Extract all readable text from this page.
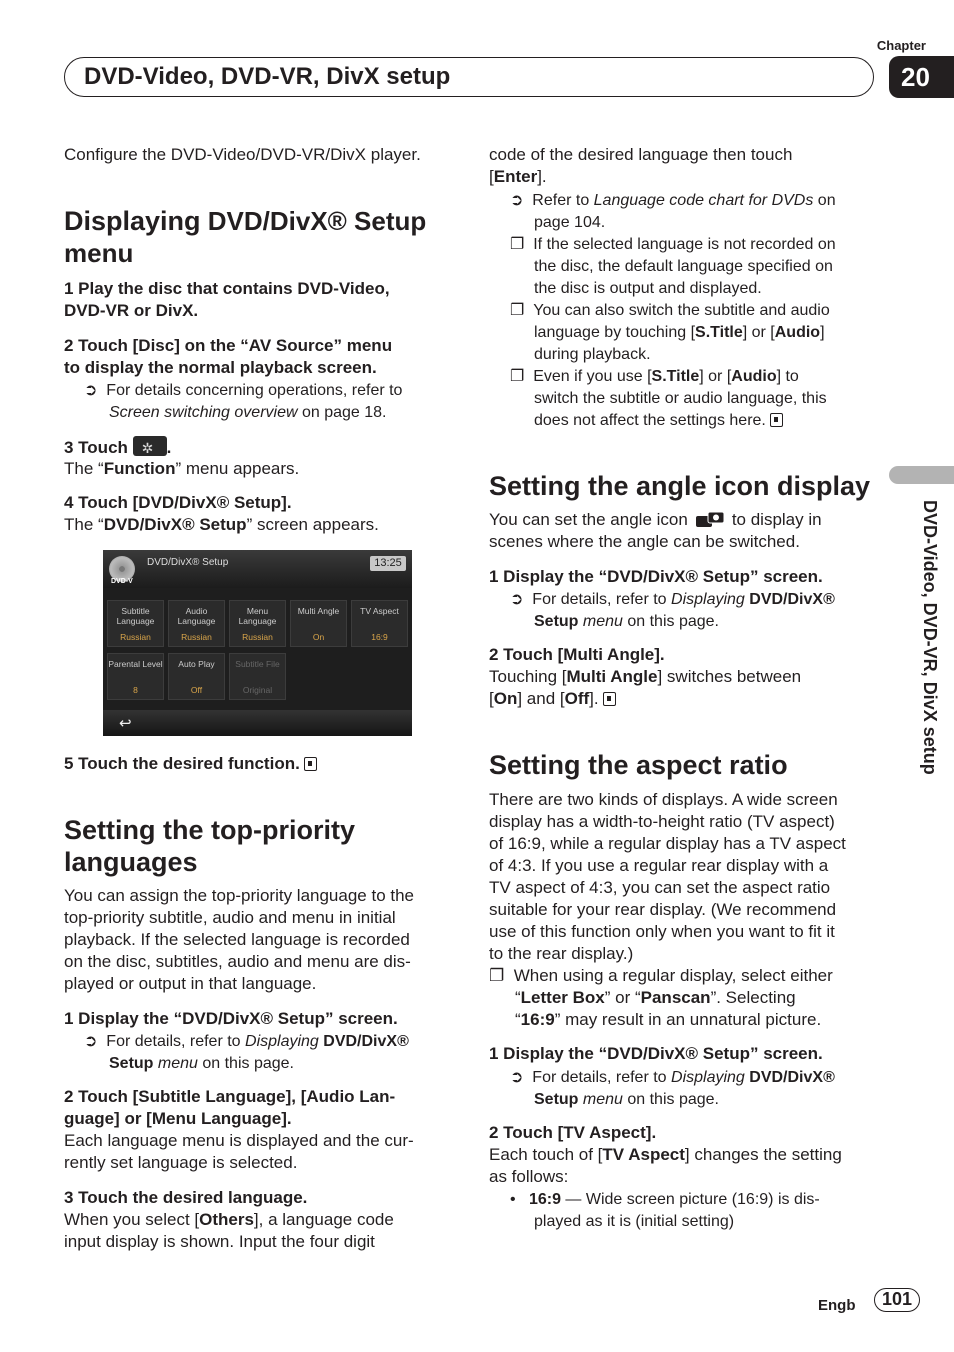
Chapter
20
DVD-Video, DVD-VR, DivX setup
DVD-Video, DVD-VR, DivX setup
Configure the DVD-Video/DVD-VR/DivX player.
Displaying DVD/DivX® Setup menu
1 Play the disc that contains DVD-Video,
DVD-VR or DivX.
2 Touch [Disc] on the “AV Source” menu
to display the normal playback screen.
➲  For details concerning operations, refer to
Screen switching overview on page 18.
3 Touch ✲ .
The “Function” menu appears.
4 Touch [DVD/DivX® Setup].
The “DVD/DivX® Setup” screen appears.
DVD-V
DVD/DivX® Setup	13:25
Subtitle Language
Russian
Audio Language
Russian
Menu Language
Russian
Multi Angle
On
TV Aspect
16:9
Parental Level
8
Auto Play
Off
Subtitle File
Original
↩
5 Touch the desired function.
Setting the top-priority
languages
You can assign the top-priority language to the
top-priority subtitle, audio and menu in initial
playback. If the selected language is recorded
on the disc, subtitles, audio and menu are dis-
played or output in that language.
1 Display the “DVD/DivX® Setup” screen.
➲  For details, refer to Displaying DVD/DivX®
Setup menu on this page.
2 Touch [Subtitle Language], [Audio Lan-
guage] or [Menu Language].
Each language menu is displayed and the cur-
rently set language is selected.
3 Touch the desired language.
When you select [Others], a language code
input display is shown. Input the four digit
code of the desired language then touch
[Enter].
➲  Refer to Language code chart for DVDs on
page 104.
❐  If the selected language is not recorded on
the disc, the default language specified on
the disc is output and displayed.
❐  You can also switch the subtitle and audio
language by touching [S.Title] or [Audio]
during playback.
❐  Even if you use [S.Title] or [Audio] to
switch the subtitle or audio language, this
does not affect the settings here.
Setting the angle icon display
You can set the angle icon	to display in
scenes where the angle can be switched.
1 Display the “DVD/DivX® Setup” screen.
➲  For details, refer to Displaying DVD/DivX®
Setup menu on this page.
2 Touch [Multi Angle].
Touching [Multi Angle] switches between
[On] and [Off].
Setting the aspect ratio
There are two kinds of displays. A wide screen
display has a width-to-height ratio (TV aspect)
of 16:9, while a regular display has a TV aspect
of 4:3. If you use a regular rear display with a
TV aspect of 4:3, you can set the aspect ratio
suitable for your rear display. (We recommend
use of this function only when you want to fit it
to the rear display.)
❐  When using a regular display, select either
“Letter Box” or “Panscan”. Selecting
“16:9” may result in an unnatural picture.
1 Display the “DVD/DivX® Setup” screen.
➲  For details, refer to Displaying DVD/DivX®
Setup menu on this page.
2 Touch [TV Aspect].
Each touch of [TV Aspect] changes the setting
as follows:
•   16:9 — Wide screen picture (16:9) is dis-
played as it is (initial setting)
Engb	101
